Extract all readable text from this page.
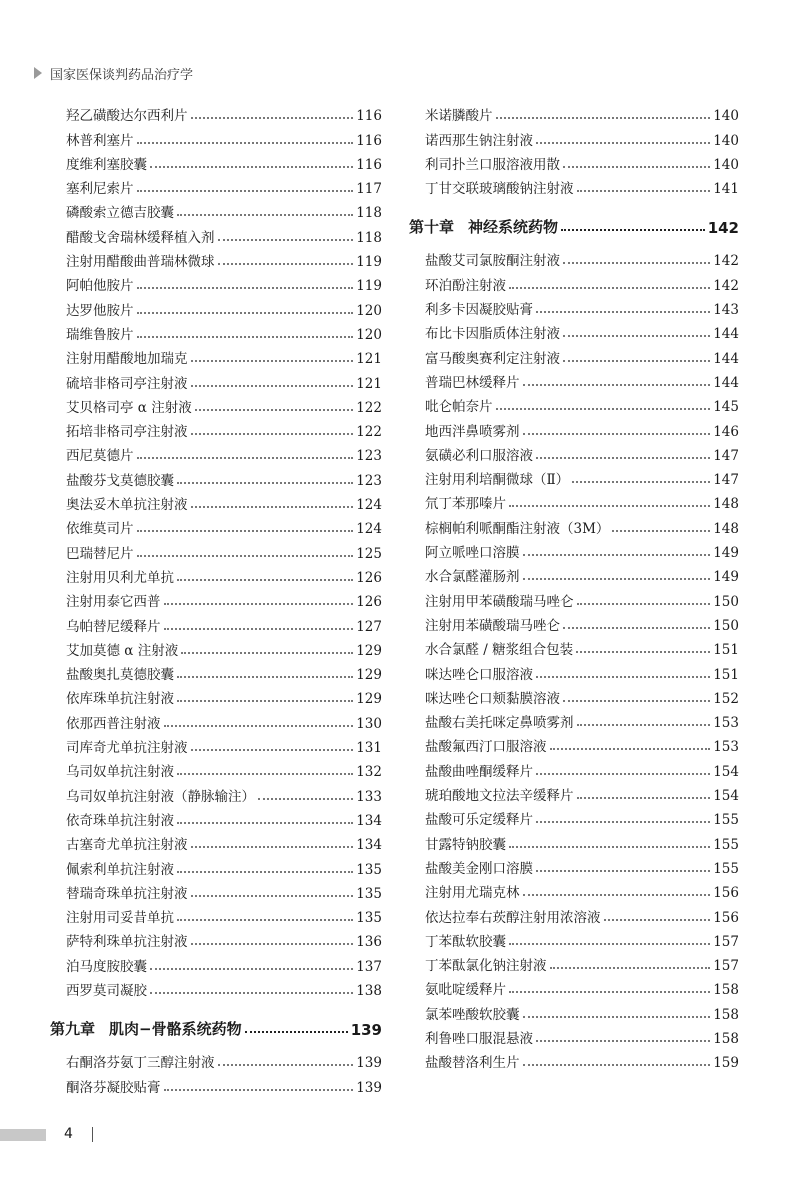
国家医保谈判药品治疗学
羟乙磺酸达尔西利片	116
林普利塞片	116
度维利塞胶囊	116
塞利尼索片	117
磷酸索立德吉胶囊	118
醋酸戈舍瑞林缓释植入剂	118
注射用醋酸曲普瑞林微球	119
阿帕他胺片	119
达罗他胺片	120
瑞维鲁胺片	120
注射用醋酸地加瑞克	121
硫培非格司亭注射液	121
艾贝格司亭 α 注射液	122
拓培非格司亭注射液	122
西尼莫德片	123
盐酸芬戈莫德胶囊	123
奥法妥木单抗注射液	124
依维莫司片	124
巴瑞替尼片	125
注射用贝利尤单抗	126
注射用泰它西普	126
乌帕替尼缓释片	127
艾加莫德 α 注射液	129
盐酸奥扎莫德胶囊	129
依库珠单抗注射液	129
依那西普注射液	130
司库奇尤单抗注射液	131
乌司奴单抗注射液	132
乌司奴单抗注射液（静脉输注）	133
依奇珠单抗注射液	134
古塞奇尤单抗注射液	134
佩索利单抗注射液	135
替瑞奇珠单抗注射液	135
注射用司妥昔单抗	135
萨特利珠单抗注射液	136
泊马度胺胶囊	137
西罗莫司凝胶	138
第九章 肌肉−骨骼系统药物	139
右酮洛芬氨丁三醇注射液	139
酮洛芬凝胶贴膏	139
米诺膦酸片	140
诺西那生钠注射液	140
利司扑兰口服溶液用散	140
丁甘交联玻璃酸钠注射液	141
第十章 神经系统药物	142
盐酸艾司氯胺酮注射液	142
环泊酚注射液	142
利多卡因凝胶贴膏	143
布比卡因脂质体注射液	144
富马酸奥赛利定注射液	144
普瑞巴林缓释片	144
吡仑帕奈片	145
地西泮鼻喷雾剂	146
氨磺必利口服溶液	147
注射用利培酮微球（Ⅱ）	147
氘丁苯那嗪片	148
棕榈帕利哌酮酯注射液（3M）	148
阿立哌唑口溶膜	149
水合氯醛灌肠剂	149
注射用甲苯磺酸瑞马唑仑	150
注射用苯磺酸瑞马唑仑	150
水合氯醛 / 糖浆组合包装	151
咪达唑仑口服溶液	151
咪达唑仑口颊黏膜溶液	152
盐酸右美托咪定鼻喷雾剂	153
盐酸氟西汀口服溶液	153
盐酸曲唑酮缓释片	154
琥珀酸地文拉法辛缓释片	154
盐酸可乐定缓释片	155
甘露特钠胶囊	155
盐酸美金刚口溶膜	155
注射用尤瑞克林	156
依达拉奉右莰醇注射用浓溶液	156
丁苯酞软胶囊	157
丁苯酞氯化钠注射液	157
氨吡啶缓释片	158
氯苯唑酸软胶囊	158
利鲁唑口服混悬液	158
盐酸替洛利生片	159
4
